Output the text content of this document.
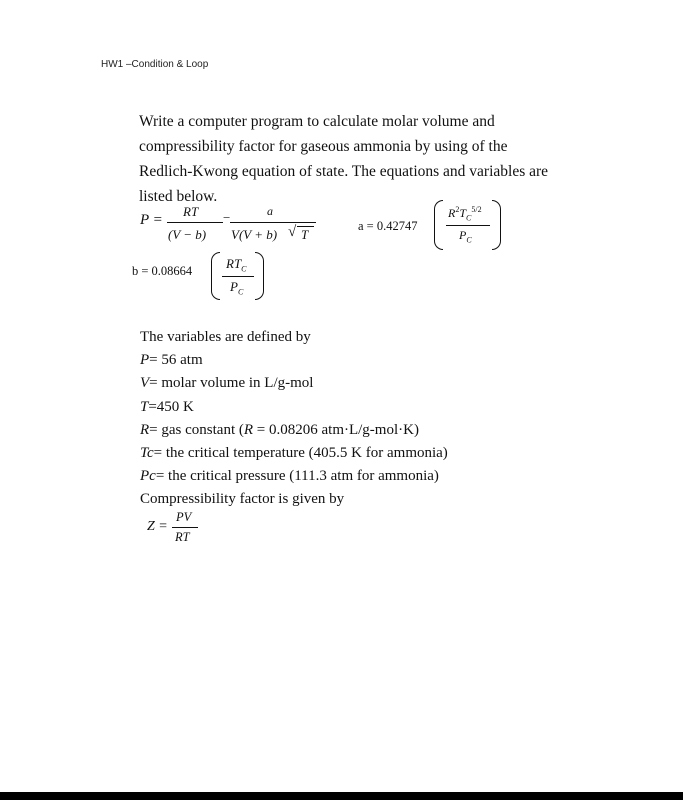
HW1 –Condition & Loop
Write a computer program to calculate molar volume and
compressibility factor for gaseous ammonia by using of the
Redlich-Kwong equation of state. The equations and variables are
listed below.
P =
RT
(V − b)
−	a
V(V + b) √ T
a = 0.42747
$R^2T_C^{5/2}$
$P_C$
b = 0.08664	$RT_C$
$P_C$
The variables are defined by
P= 56 atm
V= molar volume in L/g-mol
T=450 K
R= gas constant (R = 0.08206 atm·L/g-mol·K)
Tc= the critical temperature (405.5 K for ammonia)
Pc= the critical pressure (111.3 atm for ammonia)
Compressibility factor is given by
Z =
PV
RT
